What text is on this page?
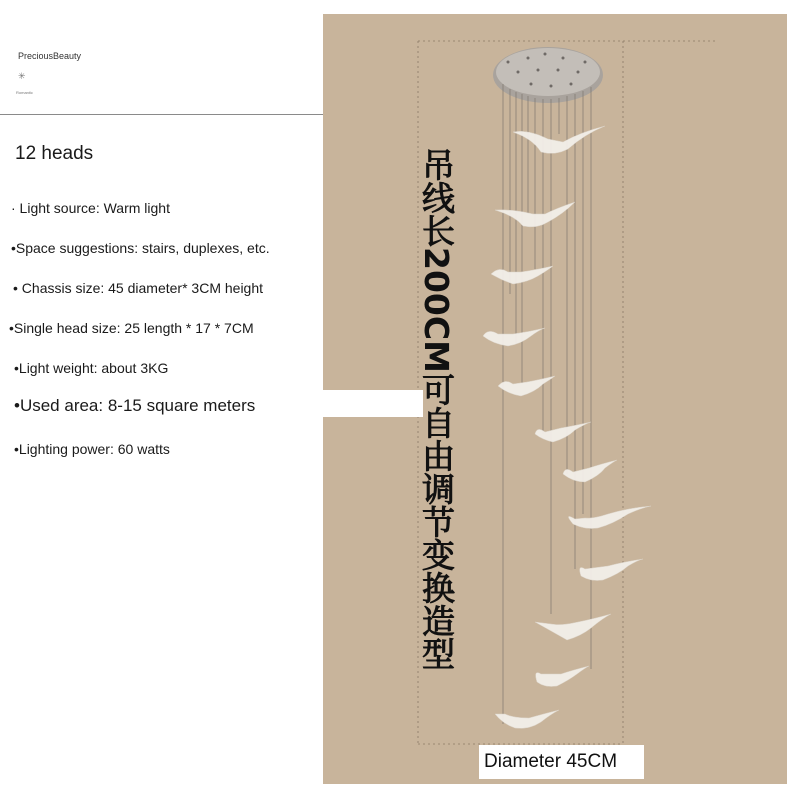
PreciousBeauty
✳
Romantic
12 heads
· Light source: Warm light
•Space suggestions: stairs, duplexes, etc.
• Chassis size: 45 diameter* 3CM height
•Single head size: 25 length * 17 * 7CM
•Light weight: about 3KG
•Used area: 8-15 square meters
•Lighting power: 60 watts	吊线长200CM可自由调节变换造型
Diameter 45CM
